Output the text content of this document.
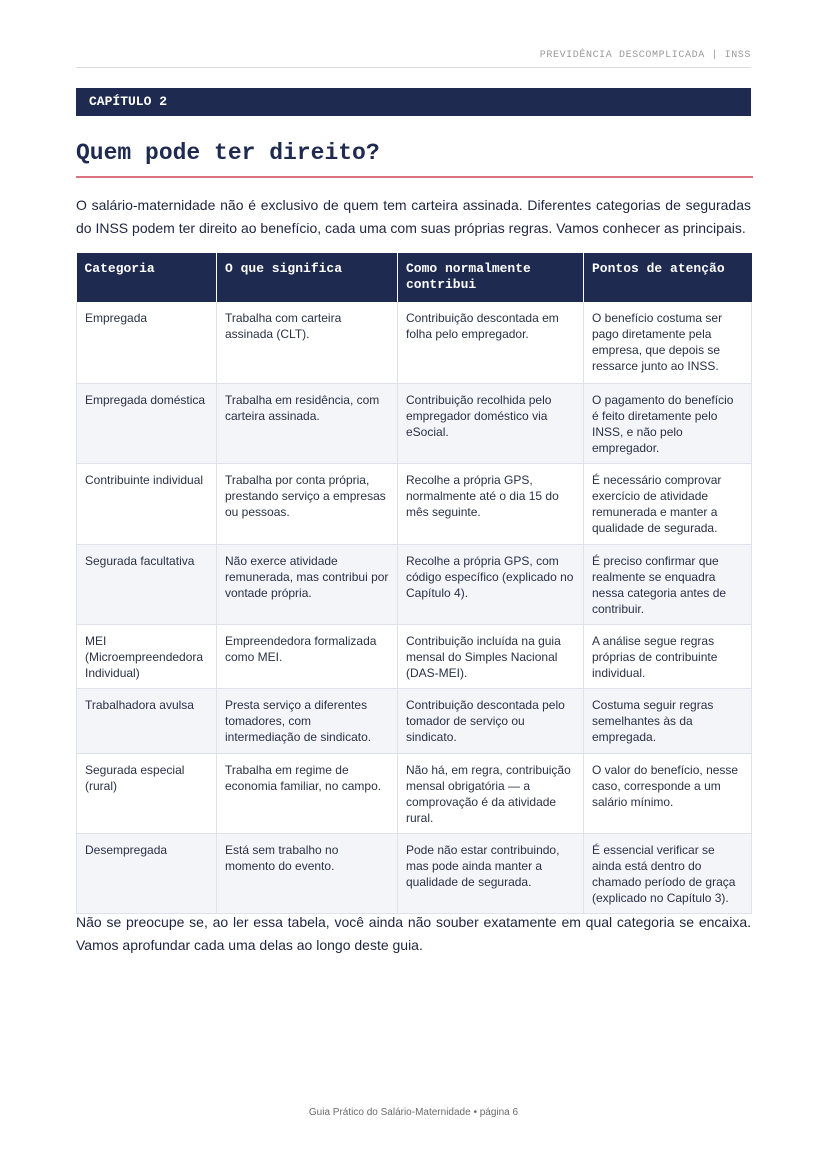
PREVIDÊNCIA DESCOMPLICADA | INSS
CAPÍTULO 2
Quem pode ter direito?

O salário-maternidade não é exclusivo de quem tem carteira assinada. Diferentes categorias de seguradas do INSS podem ter direito ao benefício, cada uma com suas próprias regras. Vamos conhecer as principais.

Categoria	O que significa	Como normalmente contribui	Pontos de atenção
Empregada	Trabalha com carteira assinada (CLT).	Contribuição descontada em folha pelo empregador.	O benefício costuma ser pago diretamente pela empresa, que depois se ressarce junto ao INSS.
Empregada doméstica	Trabalha em residência, com carteira assinada.	Contribuição recolhida pelo empregador doméstico via eSocial.	O pagamento do benefício é feito diretamente pelo INSS, e não pelo empregador.
Contribuinte individual	Trabalha por conta própria, prestando serviço a empresas ou pessoas.	Recolhe a própria GPS, normalmente até o dia 15 do mês seguinte.	É necessário comprovar exercício de atividade remunerada e manter a qualidade de segurada.
Segurada facultativa	Não exerce atividade remunerada, mas contribui por vontade própria.	Recolhe a própria GPS, com código específico (explicado no Capítulo 4).	É preciso confirmar que realmente se enquadra nessa categoria antes de contribuir.
MEI (Microempreendedora Individual)	Empreendedora formalizada como MEI.	Contribuição incluída na guia mensal do Simples Nacional (DAS-MEI).	A análise segue regras próprias de contribuinte individual.
Trabalhadora avulsa	Presta serviço a diferentes tomadores, com intermediação de sindicato.	Contribuição descontada pelo tomador de serviço ou sindicato.	Costuma seguir regras semelhantes às da empregada.
Segurada especial (rural)	Trabalha em regime de economia familiar, no campo.	Não há, em regra, contribuição mensal obrigatória — a comprovação é da atividade rural.	O valor do benefício, nesse caso, corresponde a um salário mínimo.
Desempregada	Está sem trabalho no momento do evento.	Pode não estar contribuindo, mas pode ainda manter a qualidade de segurada.	É essencial verificar se ainda está dentro do chamado período de graça (explicado no Capítulo 3).

Não se preocupe se, ao ler essa tabela, você ainda não souber exatamente em qual categoria se encaixa. Vamos aprofundar cada uma delas ao longo deste guia.

Guia Prático do Salário-Maternidade • página 6
